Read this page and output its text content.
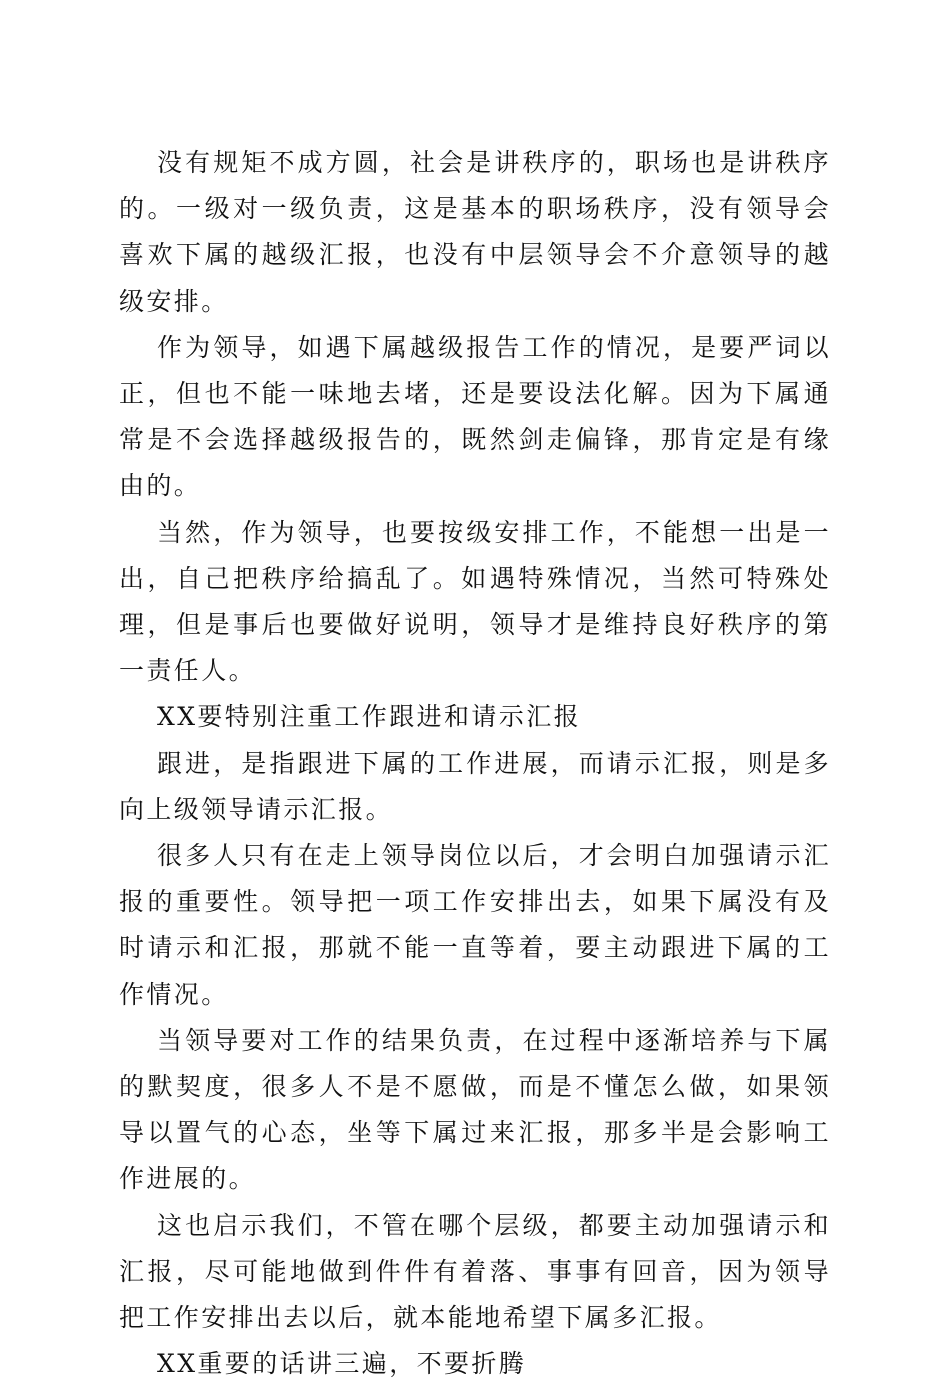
没有规矩不成方圆，社会是讲秩序的，职场也是讲秩序的。一级对一级负责，这是基本的职场秩序，没有领导会喜欢下属的越级汇报，也没有中层领导会不介意领导的越级安排。

作为领导，如遇下属越级报告工作的情况，是要严词以正，但也不能一味地去堵，还是要设法化解。因为下属通常是不会选择越级报告的，既然剑走偏锋，那肯定是有缘由的。

当然，作为领导，也要按级安排工作，不能想一出是一出，自己把秩序给搞乱了。如遇特殊情况，当然可特殊处理，但是事后也要做好说明，领导才是维持良好秩序的第一责任人。

XX要特别注重工作跟进和请示汇报

跟进，是指跟进下属的工作进展，而请示汇报，则是多向上级领导请示汇报。

很多人只有在走上领导岗位以后，才会明白加强请示汇报的重要性。领导把一项工作安排出去，如果下属没有及时请示和汇报，那就不能一直等着，要主动跟进下属的工作情况。

当领导要对工作的结果负责，在过程中逐渐培养与下属的默契度，很多人不是不愿做，而是不懂怎么做，如果领导以置气的心态，坐等下属过来汇报，那多半是会影响工作进展的。

这也启示我们，不管在哪个层级，都要主动加强请示和汇报，尽可能地做到件件有着落、事事有回音，因为领导把工作安排出去以后，就本能地希望下属多汇报。

XX重要的话讲三遍，不要折腾
